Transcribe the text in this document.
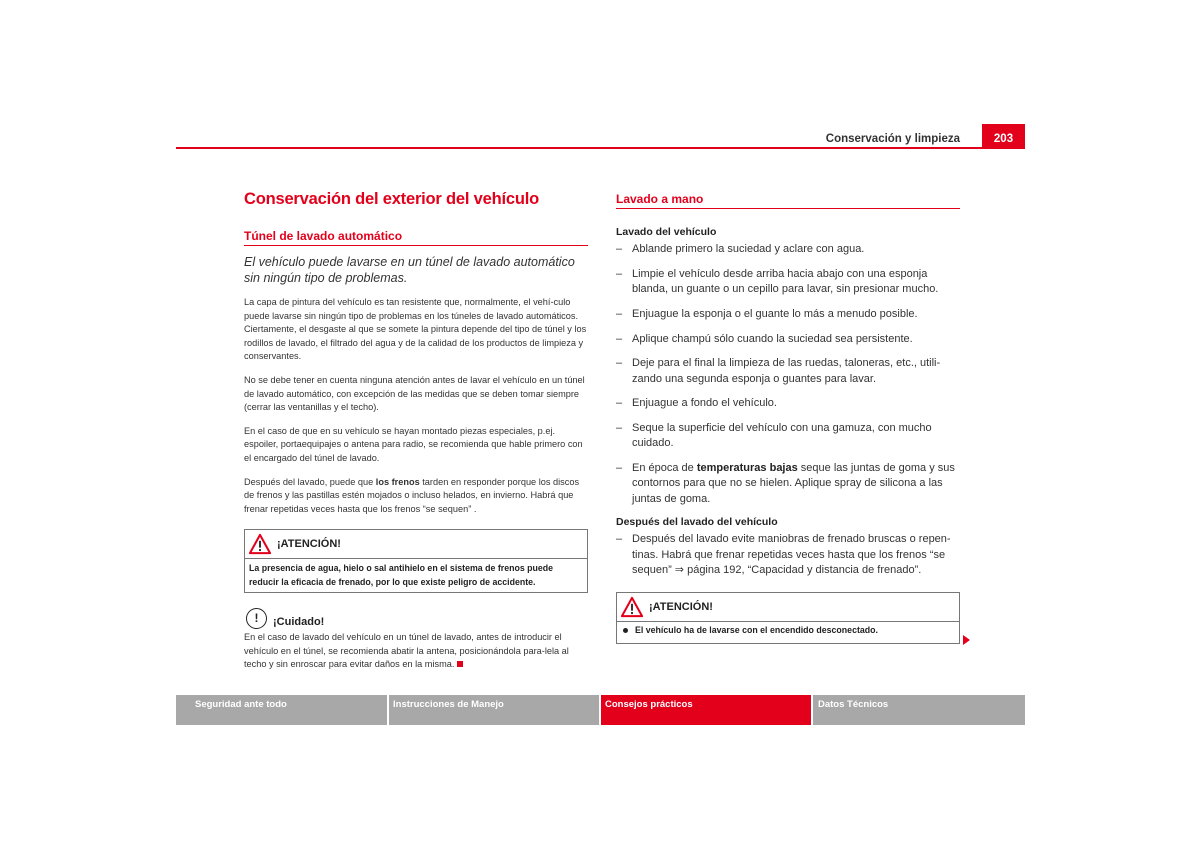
Conservación y limpieza	203
Conservación del exterior del vehículo
Túnel de lavado automático
El vehículo puede lavarse en un túnel de lavado automático sin ningún tipo de problemas.
La capa de pintura del vehículo es tan resistente que, normalmente, el vehí-culo puede lavarse sin ningún tipo de problemas en los túneles de lavado automáticos. Ciertamente, el desgaste al que se somete la pintura depende del tipo de túnel y los rodillos de lavado, el filtrado del agua y de la calidad de los productos de limpieza y conservantes.
No se debe tener en cuenta ninguna atención antes de lavar el vehículo en un túnel de lavado automático, con excepción de las medidas que se deben tomar siempre (cerrar las ventanillas y el techo).
En el caso de que en su vehículo se hayan montado piezas especiales, p.ej. espoiler, portaequipajes o antena para radio, se recomienda que hable primero con el encargado del túnel de lavado.
Después del lavado, puede que los frenos tarden en responder porque los discos de frenos y las pastillas estén mojados o incluso helados, en invierno. Habrá que frenar repetidas veces hasta que los frenos “se sequen” .
¡ATENCIÓN!
La presencia de agua, hielo o sal antihielo en el sistema de frenos puede reducir la eficacia de frenado, por lo que existe peligro de accidente.
!	¡Cuidado!
En el caso de lavado del vehículo en un túnel de lavado, antes de introducir el vehículo en el túnel, se recomienda abatir la antena, posicionándola para-lela al techo y sin enroscar para evitar daños en la misma.
Lavado a mano
Lavado del vehículo
– Ablande primero la suciedad y aclare con agua.
– Limpie el vehículo desde arriba hacia abajo con una esponja blanda, un guante o un cepillo para lavar, sin presionar mucho.
– Enjuague la esponja o el guante lo más a menudo posible.
– Aplique champú sólo cuando la suciedad sea persistente.
– Deje para el final la limpieza de las ruedas, taloneras, etc., utili-zando una segunda esponja o guantes para lavar.
– Enjuague a fondo el vehículo.
– Seque la superficie del vehículo con una gamuza, con mucho cuidado.
– En época de temperaturas bajas seque las juntas de goma y sus contornos para que no se hielen. Aplique spray de silicona a las juntas de goma.
Después del lavado del vehículo
– Después del lavado evite maniobras de frenado bruscas o repen-tinas. Habrá que frenar repetidas veces hasta que los frenos “se sequen” ⇒ página 192, “Capacidad y distancia de frenado”.
¡ATENCIÓN!
El vehículo ha de lavarse con el encendido desconectado.
Seguridad ante todo	Instrucciones de Manejo	Consejos prácticos	Datos Técnicos
